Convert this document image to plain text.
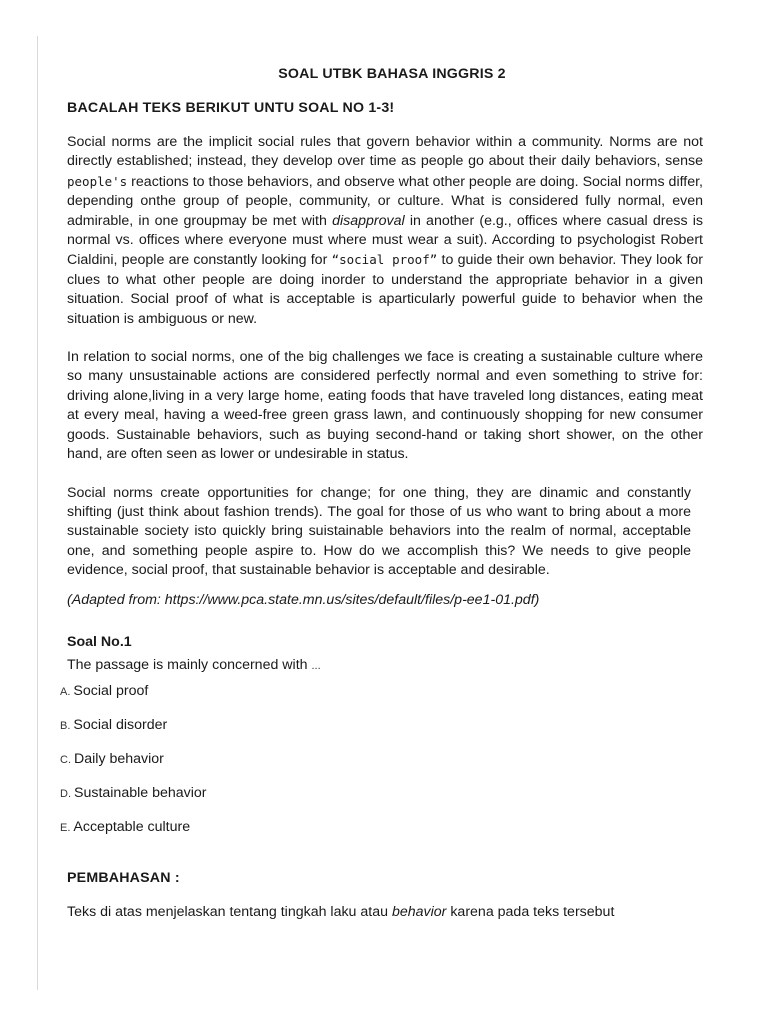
SOAL UTBK BAHASA INGGRIS 2
BACALAH TEKS BERIKUT UNTU SOAL NO 1-3!

Social norms are the implicit social rules that govern behavior within a community. Norms are not directly established; instead, they develop over time as people go about their daily behaviors, sense people's reactions to those behaviors, and observe what other people are doing. Social norms differ, depending onthe group of people, community, or culture. What is considered fully normal, even admirable, in one groupmay be met with disapproval in another (e.g., offices where casual dress is normal vs. offices where everyone must where must wear a suit). According to psychologist Robert Cialdini, people are constantly looking for “social proof” to guide their own behavior. They look for clues to what other people are doing inorder to understand the appropriate behavior in a given situation. Social proof of what is acceptable is aparticularly powerful guide to behavior when the situation is ambiguous or new.

In relation to social norms, one of the big challenges we face is creating a sustainable culture where so many unsustainable actions are considered perfectly normal and even something to strive for: driving alone,living in a very large home, eating foods that have traveled long distances, eating meat at every meal, having a weed-free green grass lawn, and continuously shopping for new consumer goods. Sustainable behaviors, such as buying second-hand or taking short shower, on the other hand, are often seen as lower or undesirable in status.

Social norms create opportunities for change; for one thing, they are dinamic and constantly shifting (just think about fashion trends). The goal for those of us who want to bring about a more sustainable society isto quickly bring suistainable behaviors into the realm of normal, acceptable one, and something people aspire to. How do we accomplish this? We needs to give people evidence, social proof, that sustainable behavior is acceptable and desirable.

(Adapted from: https://www.pca.state.mn.us/sites/default/files/p-ee1-01.pdf)
Soal No.1
The passage is mainly concerned with ...
A. Social proof
B. Social disorder
C. Daily behavior
D. Sustainable behavior
E. Acceptable culture
PEMBAHASAN :
Teks di atas menjelaskan tentang tingkah laku atau behavior karena pada teks tersebut
